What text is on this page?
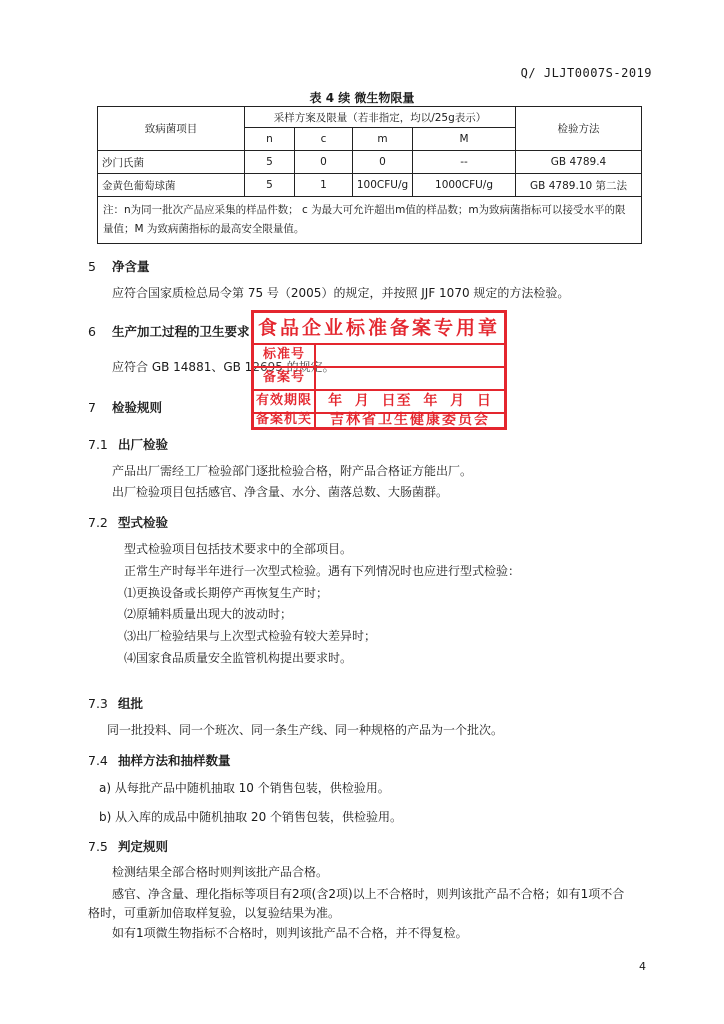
Q/ JLJT0007S-2019
表 4 续 微生物限量
致病菌项目	采样方案及限量（若非指定，均以/25g表示）				检验方法
	n	c	m	M	
沙门氏菌	5	0	0	--	GB 4789.4
金黄色葡萄球菌	5	1	100CFU/g	1000CFU/g	GB 4789.10 第二法
注：n为同一批次产品应采集的样品件数； c 为最大可允许超出m值的样品数；m为致病菌指标可以接受水平的限量值；M 为致病菌指标的最高安全限量值。					
5 净含量
应符合国家质检总局令第 75 号（2005）的规定，并按照 JJF 1070 规定的方法检验。
6 生产加工过程的卫生要求
应符合 GB 14881、GB 12695 的规定。
7 检验规则
7.1 出厂检验
产品出厂需经工厂检验部门逐批检验合格，附产品合格证方能出厂。
出厂检验项目包括感官、净含量、水分、菌落总数、大肠菌群。
7.2 型式检验
型式检验项目包括技术要求中的全部项目。
正常生产时每半年进行一次型式检验。遇有下列情况时也应进行型式检验：
⑴更换设备或长期停产再恢复生产时；
⑵原辅料质量出现大的波动时；
⑶出厂检验结果与上次型式检验有较大差异时；
⑷国家食品质量安全监管机构提出要求时。
7.3 组批
同一批投料、同一个班次、同一条生产线、同一种规格的产品为一个批次。
7.4 抽样方法和抽样数量
a) 从每批产品中随机抽取 10 个销售包装，供检验用。
b) 从入库的成品中随机抽取 20 个销售包装，供检验用。
7.5 判定规则
检测结果全部合格时则判该批产品合格。
感官、净含量、理化指标等项目有2项(含2项)以上不合格时，则判该批产品不合格；如有1项不合
格时，可重新加倍取样复验，以复验结果为准。
如有1项微生物指标不合格时，则判该批产品不合格，并不得复检。
食品企业标准备案专用章
标准号
备案号
有效期限	年  月  日至  年  月  日
备案机关	吉林省卫生健康委员会
4
